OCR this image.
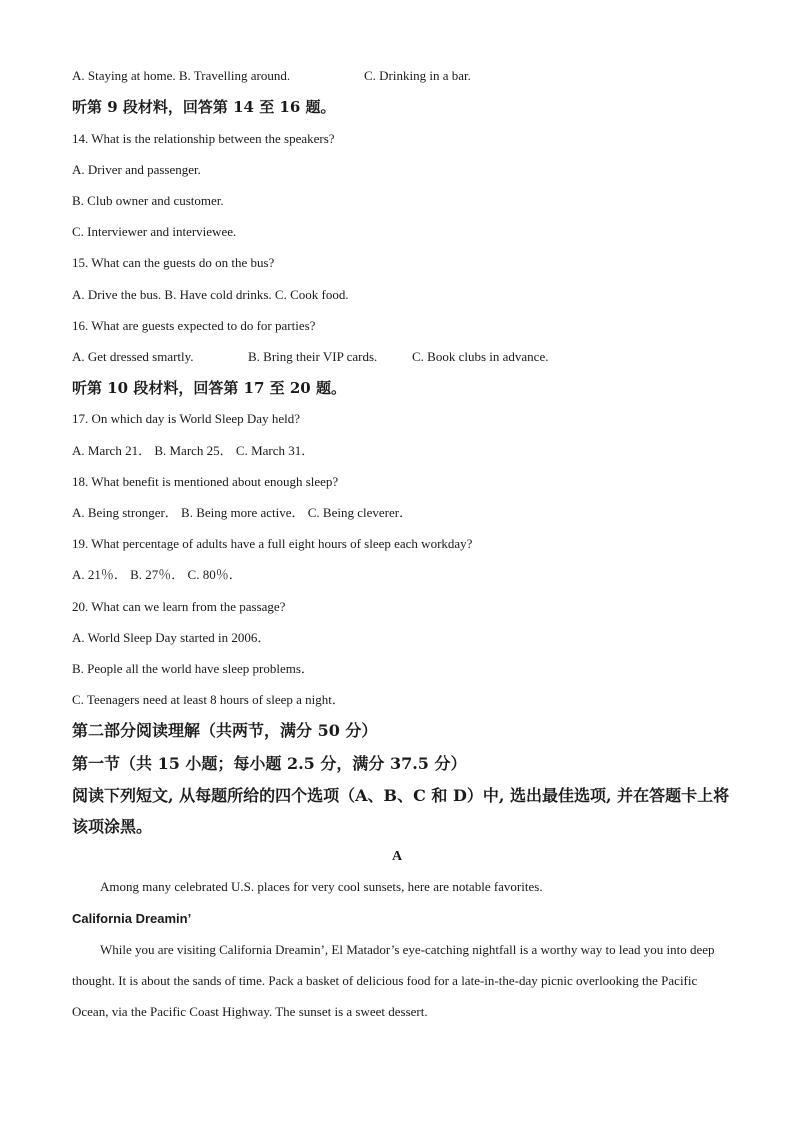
A. Staying at home. B. Travelling around.	C. Drinking in a bar.
听第 9 段材料，回答第 14 至 16 题。
14. What is the relationship between the speakers?
A. Driver and passenger.
B. Club owner and customer.
C. Interviewer and interviewee.
15. What can the guests do on the bus?
A. Drive the bus. B. Have cold drinks. C. Cook food.
16. What are guests expected to do for parties?
A. Get dressed smartly.	B. Bring their VIP cards.	C. Book clubs in advance.
听第 10 段材料，回答第 17 至 20 题。
17. On which day is World Sleep Day held?
A. March 21． B. March 25． C. March 31．
18. What benefit is mentioned about enough sleep?
A. Being stronger． B. Being more active． C. Being cleverer．
19. What percentage of adults have a full eight hours of sleep each workday?
A. 21％． B. 27％． C. 80％．
20. What can we learn from the passage?
A. World Sleep Day started in 2006．
B. People all the world have sleep problems．
C. Teenagers need at least 8 hours of sleep a night．
第二部分阅读理解（共两节，满分 50 分）
第一节（共 15 小题；每小题 2.5 分，满分 37.5 分）
阅读下列短文, 从每题所给的四个选项（A、B、C 和 D）中, 选出最佳选项, 并在答题卡上将
该项涂黑。
A
Among many celebrated U.S. places for very cool sunsets, here are notable favorites.
California Dreamin’
While you are visiting California Dreamin’, El Matador’s eye-catching nightfall is a worthy way to lead you into deep thought. It is about the sands of time. Pack a basket of delicious food for a late-in-the-day picnic overlooking the Pacific Ocean, via the Pacific Coast Highway. The sunset is a sweet dessert.
